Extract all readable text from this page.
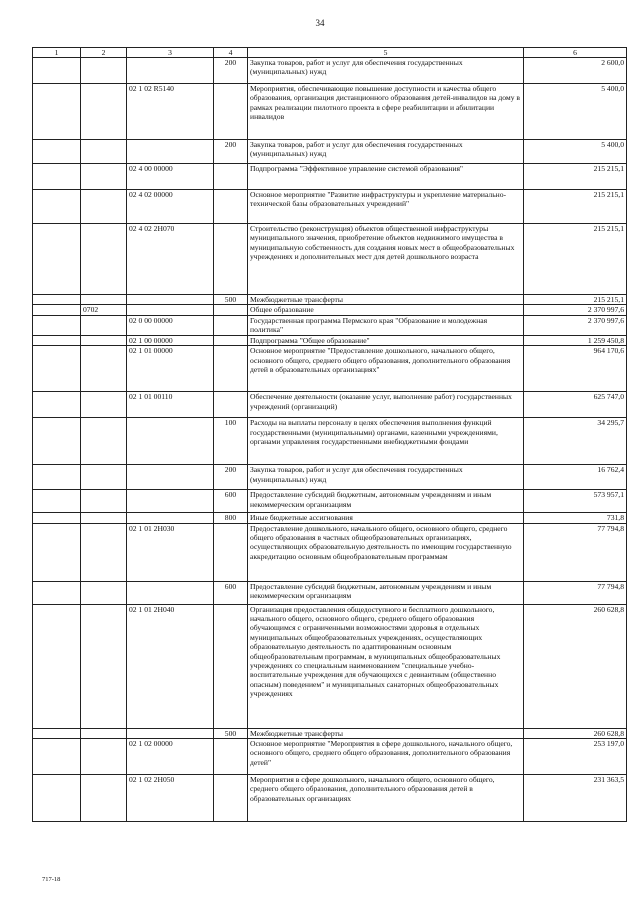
34
1	2	3	4	5	6
			200	Закупка товаров, работ и услуг для обеспечения государственных (муниципальных) нужд	2 600,0
		02 1 02 R5140		Мероприятия, обеспечивающие повышение доступности и качества общего образования, организация дистанционного образования детей-инвалидов на дому в рамках реализации пилотного проекта в сфере реабилитации и абилитации инвалидов	5 400,0
			200	Закупка товаров, работ и услуг для обеспечения государственных (муниципальных) нужд	5 400,0
		02 4 00 00000		Подпрограмма "Эффективное управление системой образования"	215 215,1
		02 4 02 00000		Основное мероприятие "Развитие инфраструктуры и укрепление материально-технической базы образовательных учреждений"	215 215,1
		02 4 02 2Н070		Строительство (реконструкция) объектов общественной инфраструктуры муниципального значения, приобретение объектов недвижимого имущества в муниципальную собственность для создания новых мест в общеобразовательных учреждениях и дополнительных мест для детей дошкольного возраста	215 215,1
			500	Межбюджетные трансферты	215 215,1
	0702			Общее образование	2 370 997,6
		02 0 00 00000		Государственная программа Пермского края "Образование и молодежная политика"	2 370 997,6
		02 1 00 00000		Подпрограмма "Общее образование"	1 259 450,8
		02 1 01 00000		Основное мероприятие "Предоставление дошкольного, начального общего, основного общего, среднего общего образования, дополнительного образования детей в образовательных организациях"	964 170,6
		02 1 01 00110		Обеспечение деятельности (оказание услуг, выполнение работ) государственных учреждений (организаций)	625 747,0
			100	Расходы на выплаты персоналу в целях обеспечения выполнения функций государственными (муниципальными) органами, казенными учреждениями, органами управления государственными внебюджетными фондами	34 295,7
			200	Закупка товаров, работ и услуг для обеспечения государственных (муниципальных) нужд	16 762,4
			600	Предоставление субсидий бюджетным, автономным учреждениям и иным некоммерческим организациям	573 957,1
			800	Иные бюджетные ассигнования	731,8
		02 1 01 2Н030		Предоставление дошкольного, начального общего, основного общего, среднего общего образования в частных общеобразовательных организациях, осуществляющих образовательную деятельность по имеющим государственную аккредитацию основным общеобразовательным программам	77 794,8
			600	Предоставление субсидий бюджетным, автономным учреждениям и иным некоммерческим организациям	77 794,8
		02 1 01 2Н040		Организация предоставления общедоступного и бесплатного дошкольного, начального общего, основного общего, среднего общего образования обучающимся с ограниченными возможностями здоровья в отдельных муниципальных общеобразовательных учреждениях, осуществляющих образовательную деятельность по адаптированным основным общеобразовательным программам, в муниципальных общеобразовательных учреждениях со специальным наименованием "специальные учебно-воспитательные учреждения для обучающихся с девиантным (общественно опасным) поведением" и муниципальных санаторных общеобразовательных учреждениях	260 628,8
			500	Межбюджетные трансферты	260 628,8
		02 1 02 00000		Основное мероприятие "Мероприятия в сфере дошкольного, начального общего, основного общего, среднего общего образования, дополнительного образования детей"	253 197,0
		02 1 02 2Н050		Мероприятия в сфере дошкольного, начального общего, основного общего, среднего общего образования, дополнительного образования детей в образовательных организациях	231 363,5
717-18
